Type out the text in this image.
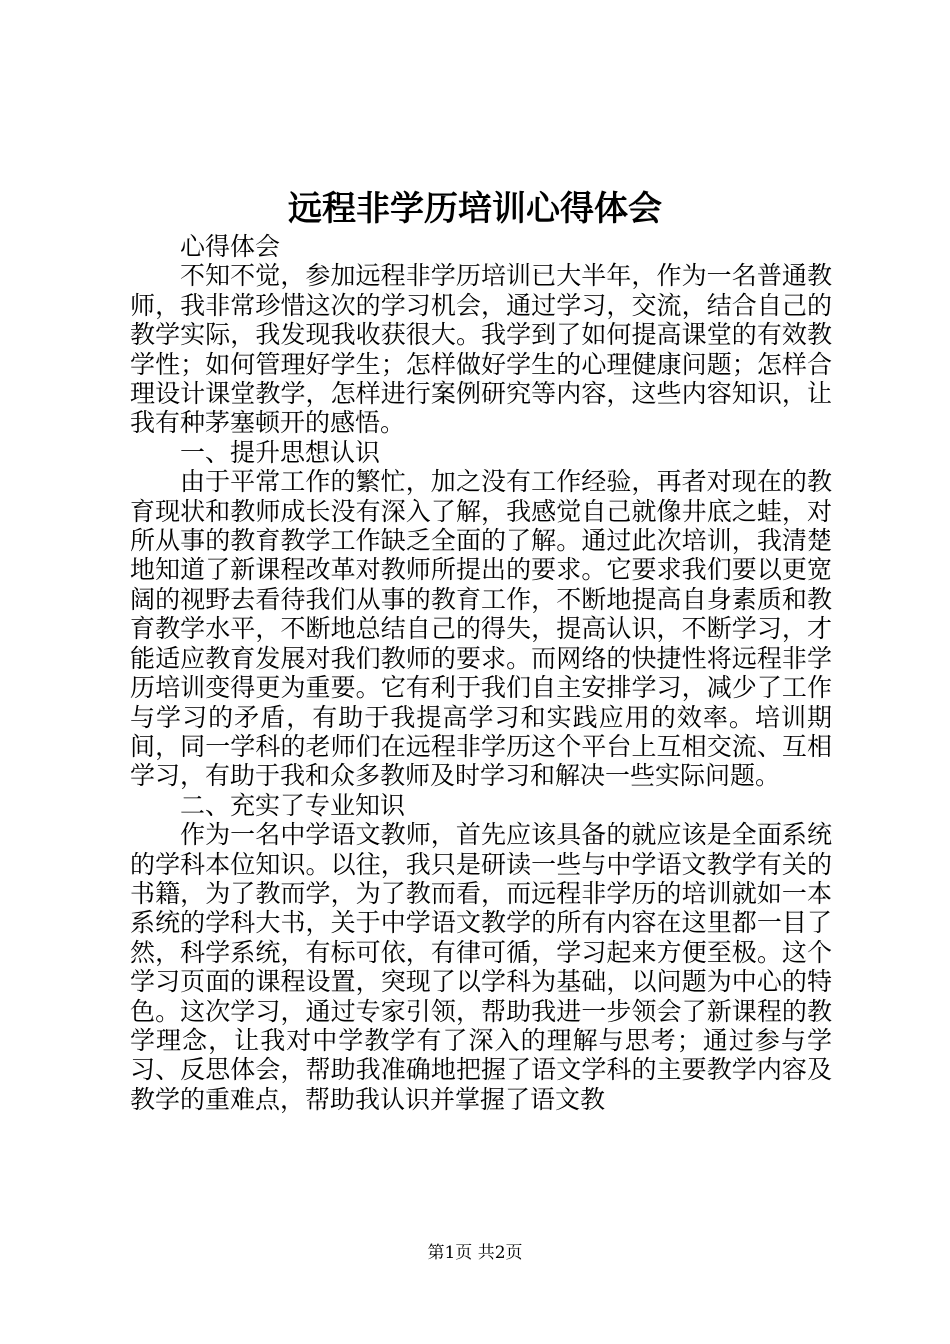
远程非学历培训心得体会

心得体会

不知不觉，参加远程非学历培训已大半年，作为一名普通教师，我非常珍惜这次的学习机会，通过学习，交流，结合自己的教学实际，我发现我收获很大。我学到了如何提高课堂的有效教学性；如何管理好学生；怎样做好学生的心理健康问题；怎样合理设计课堂教学，怎样进行案例研究等内容，这些内容知识，让我有种茅塞顿开的感悟。

一、提升思想认识

由于平常工作的繁忙，加之没有工作经验，再者对现在的教育现状和教师成长没有深入了解，我感觉自己就像井底之蛙，对所从事的教育教学工作缺乏全面的了解。通过此次培训，我清楚地知道了新课程改革对教师所提出的要求。它要求我们要以更宽阔的视野去看待我们从事的教育工作，不断地提高自身素质和教育教学水平，不断地总结自己的得失，提高认识，不断学习，才能适应教育发展对我们教师的要求。而网络的快捷性将远程非学历培训变得更为重要。它有利于我们自主安排学习，减少了工作与学习的矛盾，有助于我提高学习和实践应用的效率。培训期间，同一学科的老师们在远程非学历这个平台上互相交流、互相学习，有助于我和众多教师及时学习和解决一些实际问题。

二、充实了专业知识

作为一名中学语文教师，首先应该具备的就应该是全面系统的学科本位知识。以往，我只是研读一些与中学语文教学有关的书籍，为了教而学，为了教而看，而远程非学历的培训就如一本系统的学科大书，关于中学语文教学的所有内容在这里都一目了然，科学系统，有标可依，有律可循，学习起来方便至极。这个学习页面的课程设置，突现了以学科为基础，以问题为中心的特色。这次学习，通过专家引领，帮助我进一步领会了新课程的教学理念，让我对中学教学有了深入的理解与思考；通过参与学习、反思体会，帮助我准确地把握了语文学科的主要教学内容及教学的重难点，帮助我认识并掌握了语文教

第1页 共2页
